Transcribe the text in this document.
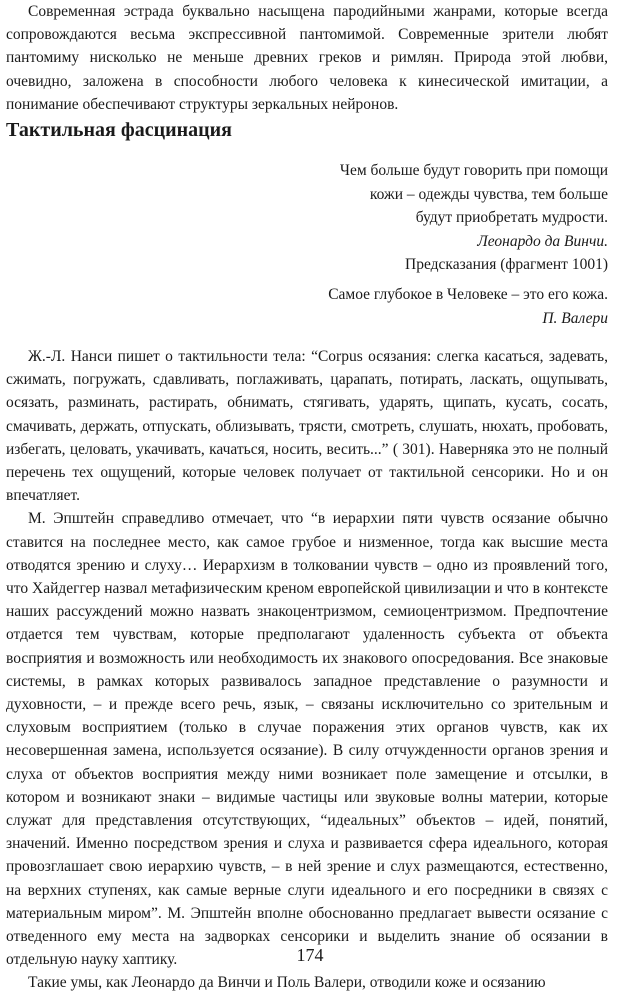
Современная эстрада буквально насыщена пародийными жанрами, которые всегда сопровождаются весьма экспрессивной пантомимой. Современные зрители любят пантомиму нисколько не меньше древних греков и римлян. Природа этой любви, очевидно, заложена в способности любого человека к кинесической имитации, а понимание обеспечивают структуры зеркальных нейронов.

Тактильная фасцинация
Чем больше будут говорить при помощи
кожи – одежды чувства, тем больше
будут приобретать мудрости.
Леонардо да Винчи.
Предсказания (фрагмент 1001)
Самое глубокое в Человеке – это его кожа.
П. Валери

Ж.-Л. Нанси пишет о тактильности тела: “Corpus осязания: слегка касаться, задевать, сжимать, погружать, сдавливать, поглаживать, царапать, потирать, ласкать, ощупывать, осязать, разминать, растирать, обнимать, стягивать, ударять, щипать, кусать, сосать, смачивать, держать, отпускать, облизывать, трясти, смотреть, слушать, нюхать, пробовать, избегать, целовать, укачивать, качаться, носить, весить...” ( 301). Наверняка это не полный перечень тех ощущений, которые человек получает от тактильной сенсорики. Но и он впечатляет.

М. Эпштейн справедливо отмечает, что “в иерархии пяти чувств осязание обычно ставится на последнее место, как самое грубое и низменное, тогда как высшие места отводятся зрению и слуху… Иерархизм в толковании чувств – одно из проявлений того, что Хайдеггер назвал метафизическим креном европейской цивилизации и что в контексте наших рассуждений можно назвать знакоцентризмом, семиоцентризмом. Предпочтение отдается тем чувствам, которые предполагают удаленность субъекта от объекта восприятия и возможность или необходимость их знакового опосредования. Все знаковые системы, в рамках которых развивалось западное представление о разумности и духовности, – и прежде всего речь, язык, – связаны исключительно со зрительным и слуховым восприятием (только в случае поражения этих органов чувств, как их несовершенная замена, используется осязание). В силу отчужденности органов зрения и слуха от объектов восприятия между ними возникает поле замещение и отсылки, в котором и возникают знаки – видимые частицы или звуковые волны материи, которые служат для представления отсутствующих, “идеальных” объектов – идей, понятий, значений. Именно посредством зрения и слуха и развивается сфера идеального, которая провозглашает свою иерархию чувств, – в ней зрение и слух размещаются, естественно, на верхних ступенях, как самые верные слуги идеального и его посредники в связях с материальным миром”. М. Эпштейн вполне обоснованно предлагает вывести осязание с отведенного ему места на задворках сенсорики и выделить знание об осязании в отдельную науку хаптику.

Такие умы, как Леонардо да Винчи и Поль Валери, отводили коже и осязанию

174
